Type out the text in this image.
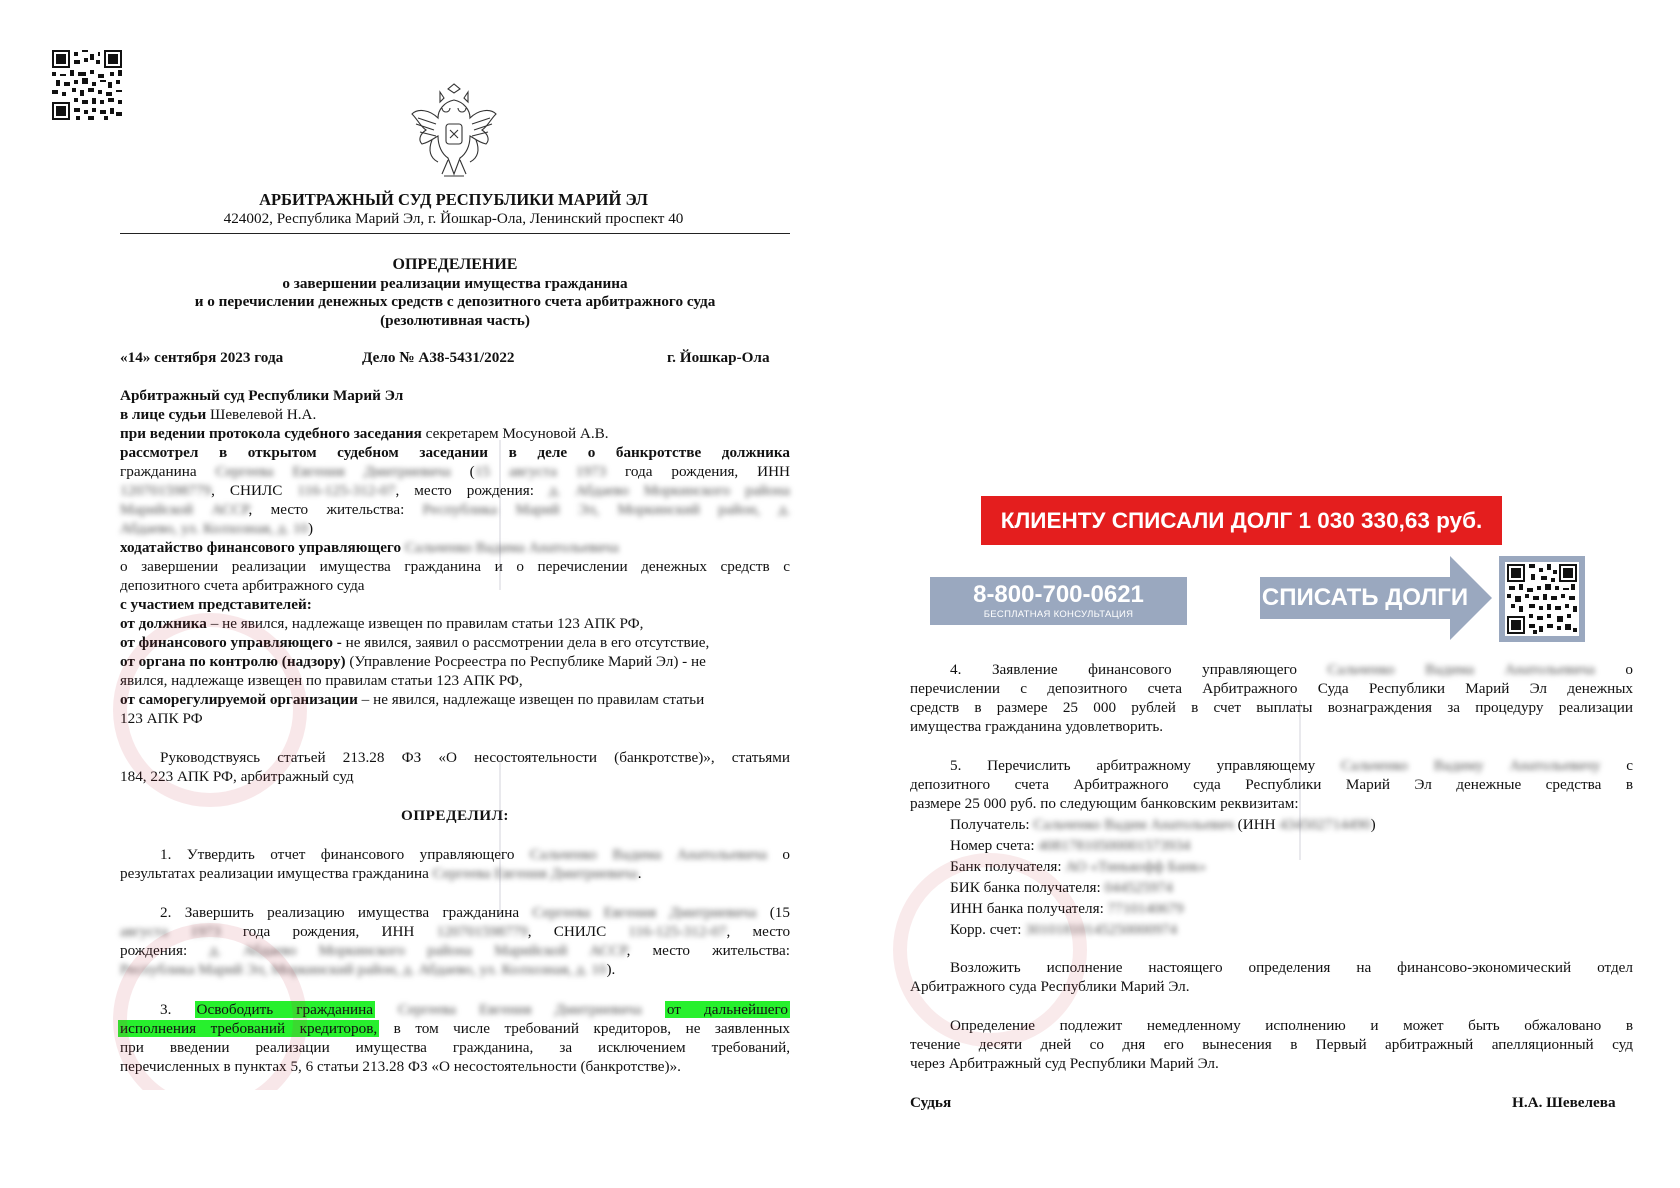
АРБИТРАЖНЫЙ СУД РЕСПУБЛИКИ МАРИЙ ЭЛ
424002, Республика Марий Эл, г. Йошкар-Ола, Ленинский проспект 40
ОПРЕДЕЛЕНИЕ
о завершении реализации имущества гражданина
и о перечислении денежных средств с депозитного счета арбитражного суда
(резолютивная часть)
«14» сентября 2023 года	Дело № А38-5431/2022	г. Йошкар-Ола
Арбитражный суд Республики Марий Эл
в лице судьи Шевелевой Н.А.
при ведении протокола судебного заседания секретарем Мосуновой А.В.
рассмотрел в открытом судебном заседании в деле о банкротстве должника
гражданина Сергеева Евгения Дмитриевича (15 августа 1973 года рождения, ИНН
120701598779, СНИЛС 116-125-312-07, место рождения: д. Абдаево Моркинского района
Марийской АССР, место жительства: Республика Марий Эл, Моркинский район, д.
Абдаево, ул. Колхозная, д. 10)
ходатайство финансового управляющего Сальченко Вадима Анатольевича
о завершении реализации имущества гражданина и о перечислении денежных средств с
депозитного счета арбитражного суда
с участием представителей:
от должника – не явился, надлежаще извещен по правилам статьи 123 АПК РФ,
от финансового управляющего - не явился, заявил о рассмотрении дела в его отсутствие,
от органа по контролю (надзору) (Управление Росреестра по Республике Марий Эл) - не
явился, надлежаще извещен по правилам статьи 123 АПК РФ,
от саморегулируемой организации – не явился, надлежаще извещен по правилам статьи
123 АПК РФ
Руководствуясь статьей 213.28 ФЗ «О несостоятельности (банкротстве)», статьями
184, 223 АПК РФ, арбитражный суд
ОПРЕДЕЛИЛ:
1. Утвердить отчет финансового управляющего Сальченко Вадима Анатольевича о
результатах реализации имущества гражданина Сергеева Евгения Дмитриевича.
2. Завершить реализацию имущества гражданина Сергеева Евгения Дмитриевича (15
августа 1973 года рождения, ИНН 120701598779, СНИЛС 116-125-312-07, место
рождения: д. Абдаево Моркинского района Марийской АССР, место жительства:
Республика Марий Эл, Моркинский район, д. Абдаево, ул. Колхозная, д. 10).
3. Освободить гражданина Сергеева Евгения Дмитриевича от дальнейшего
исполнения требований кредиторов, в том числе требований кредиторов, не заявленных
при введении реализации имущества гражданина, за исключением требований,
перечисленных в пунктах 5, 6 статьи 213.28 ФЗ «О несостоятельности (банкротстве)».
КЛИЕНТУ СПИСАЛИ ДОЛГ 1 030 330,63 руб.
8-800-700-0621
БЕСПЛАТНАЯ КОНСУЛЬТАЦИЯ
СПИСАТЬ ДОЛГИ
4. Заявление финансового управляющего Сальченко Вадима Анатольевича о
перечислении с депозитного счета Арбитражного Суда Республики Марий Эл денежных
средств в размере 25 000 рублей в счет выплаты вознаграждения за процедуру реализации
имущества гражданина удовлетворить.
5. Перечислить арбитражному управляющему Сальченко Вадиму Анатольевичу с
депозитного счета Арбитражного суда Республики Марий Эл денежные средства в
размере 25 000 руб. по следующим банковским реквизитам:
Получатель: Сальченко Вадим Анатольевич (ИНН 434502714490)
Номер счета: 40817810500001573934
Банк получателя: АО «Тинькофф Банк»
БИК банка получателя: 044525974
ИНН банка получателя: 7710140679
Корр. счет: 30101810145250000974
Возложить исполнение настоящего определения на финансово-экономический отдел
Арбитражного суда Республики Марий Эл.
Определение подлежит немедленному исполнению и может быть обжаловано в
течение десяти дней со дня его вынесения в Первый арбитражный апелляционный суд
через Арбитражный суд Республики Марий Эл.
Судья	Н.А. Шевелева
